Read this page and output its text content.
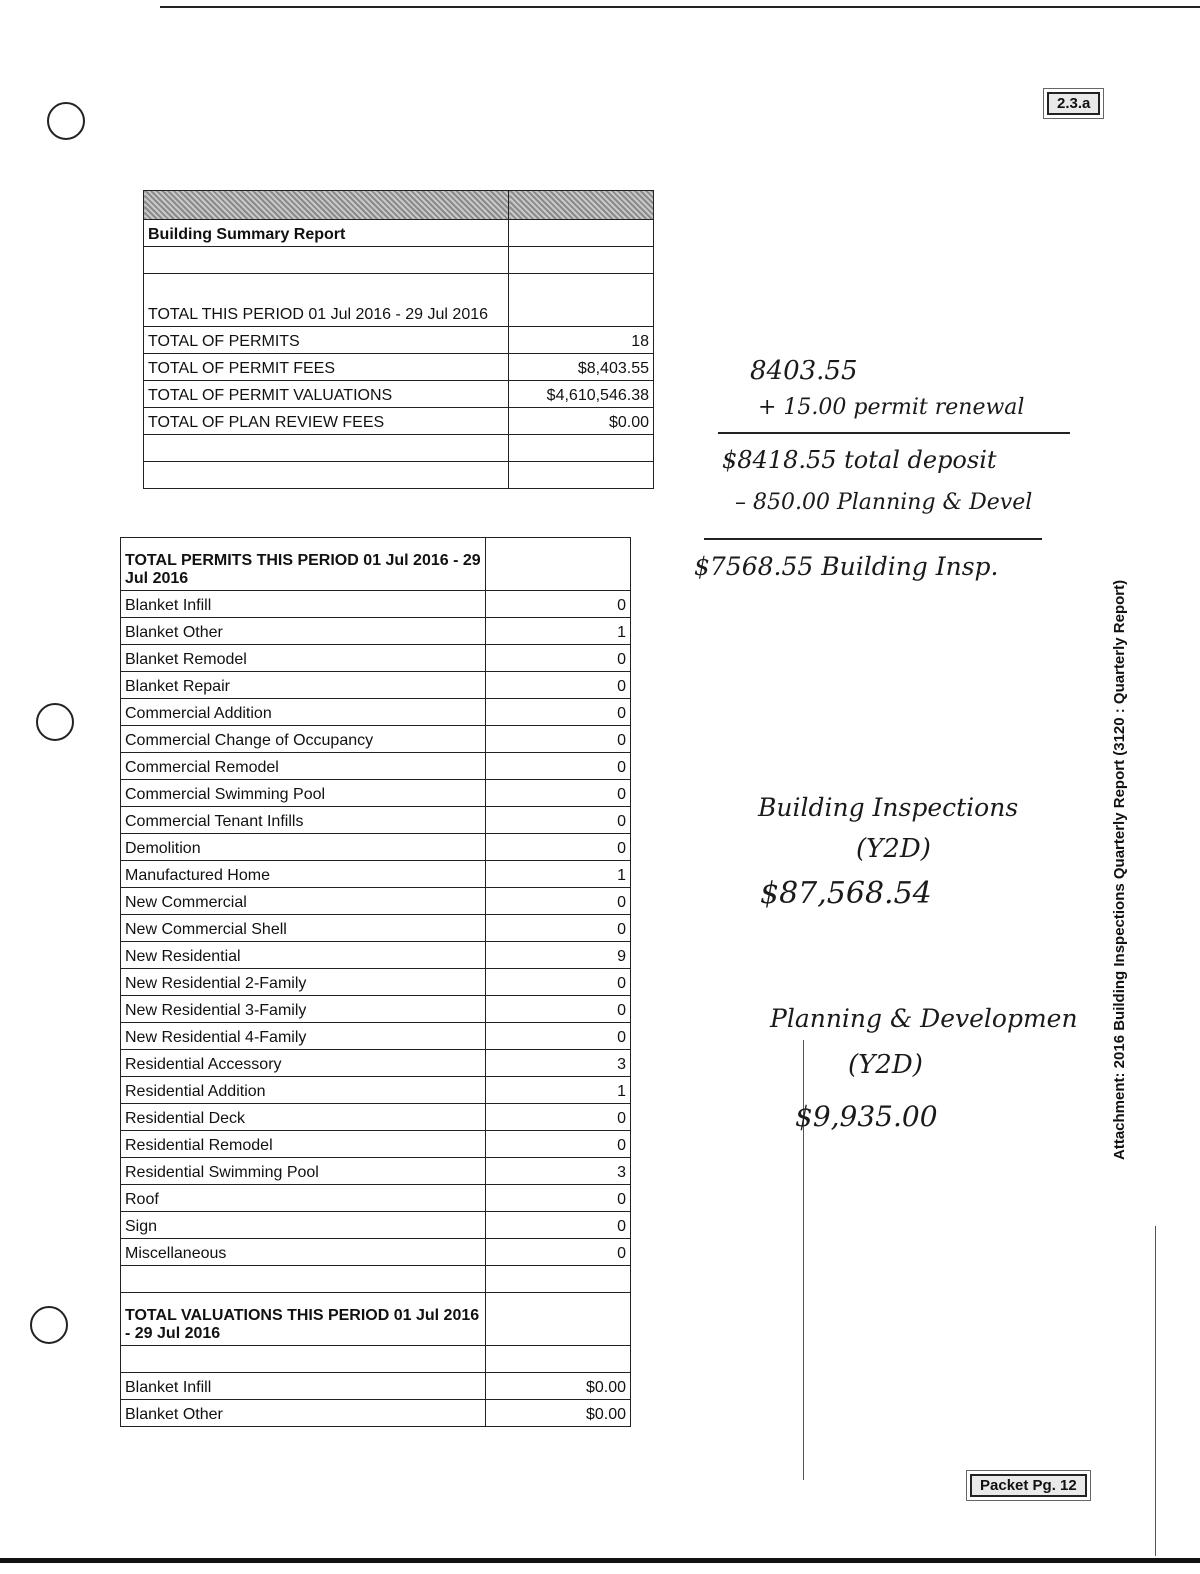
2.3.a
Packet Pg. 12
Attachment: 2016 Building Inspections Quarterly Report (3120 : Quarterly Report)

Building Summary Report	

TOTAL THIS PERIOD 01 Jul 2016 - 29 Jul 2016	
TOTAL OF PERMITS	18
TOTAL OF PERMIT FEES	$8,403.55
TOTAL OF PERMIT VALUATIONS	$4,610,546.38
TOTAL OF PLAN REVIEW FEES	$0.00

TOTAL PERMITS THIS PERIOD 01 Jul 2016 - 29 Jul 2016	
Blanket Infill	0
Blanket Other	1
Blanket Remodel	0
Blanket Repair	0
Commercial Addition	0
Commercial Change of Occupancy	0
Commercial Remodel	0
Commercial Swimming Pool	0
Commercial Tenant Infills	0
Demolition	0
Manufactured Home	1
New Commercial	0
New Commercial Shell	0
New Residential	9
New Residential 2-Family	0
New Residential 3-Family	0
New Residential 4-Family	0
Residential Accessory	3
Residential Addition	1
Residential Deck	0
Residential Remodel	0
Residential Swimming Pool	3
Roof	0
Sign	0
Miscellaneous	0

TOTAL VALUATIONS THIS PERIOD 01 Jul 2016 - 29 Jul 2016	

Blanket Infill	$0.00
Blanket Other	$0.00
8403.55
+ 15.00 permit renewal
$8418.55 total deposit
– 850.00 Planning & Devel
$7568.55 Building Insp.
Building Inspections
(Y2D)
$87,568.54
Planning & Developmen
(Y2D)
$9,935.00
